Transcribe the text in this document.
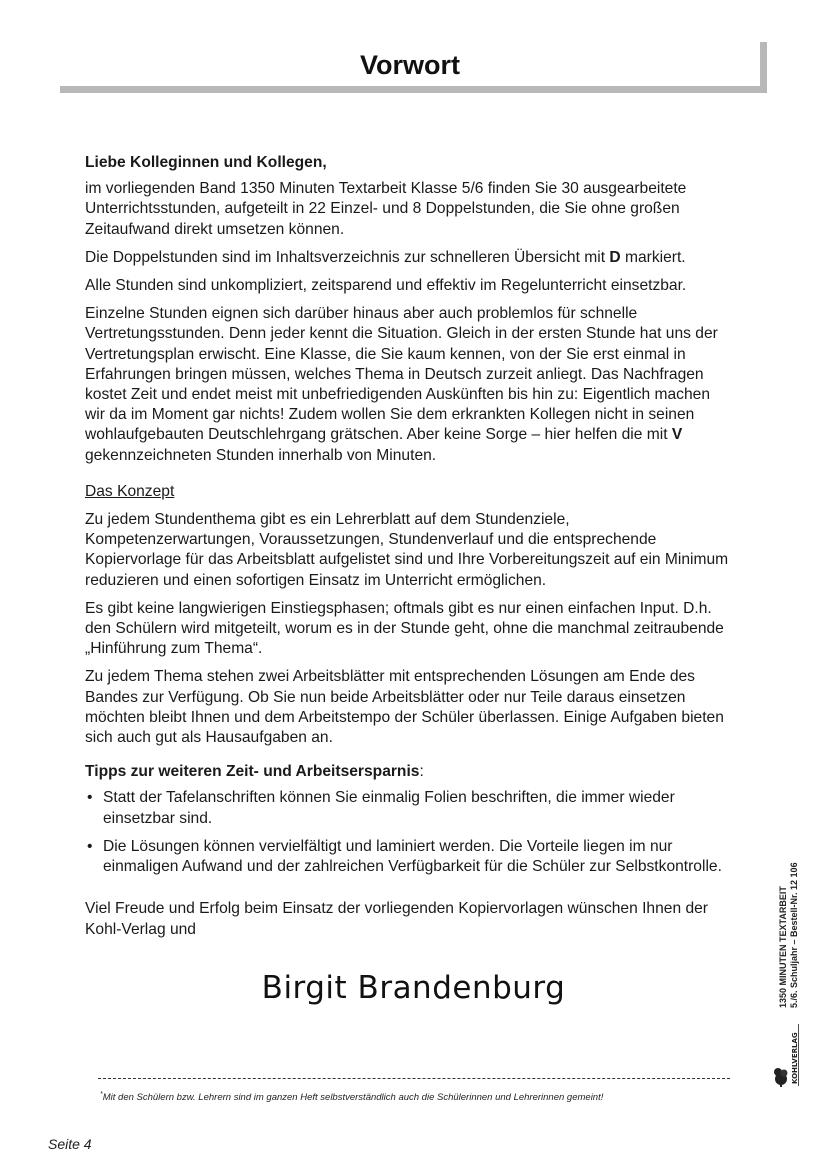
Vorwort

Liebe Kolleginnen und Kollegen,

im vorliegenden Band 1350 Minuten Textarbeit Klasse 5/6 finden Sie 30 ausgearbeitete Unterrichtsstunden, aufgeteilt in 22 Einzel- und 8 Doppelstunden, die Sie ohne großen Zeitaufwand direkt umsetzen können.

Die Doppelstunden sind im Inhaltsverzeichnis zur schnelleren Übersicht mit D markiert.

Alle Stunden sind unkompliziert, zeitsparend und effektiv im Regelunterricht einsetzbar.

Einzelne Stunden eignen sich darüber hinaus aber auch problemlos für schnelle Vertretungsstunden. Denn jeder kennt die Situation. Gleich in der ersten Stunde hat uns der Vertretungsplan erwischt. Eine Klasse, die Sie kaum kennen, von der Sie erst einmal in Erfahrungen bringen müssen, welches Thema in Deutsch zurzeit anliegt. Das Nachfragen kostet Zeit und endet meist mit unbefriedigenden Auskünften bis hin zu: Eigentlich machen wir da im Moment gar nichts! Zudem wollen Sie dem erkrankten Kollegen nicht in seinen wohlaufgebauten Deutschlehrgang grätschen. Aber keine Sorge – hier helfen die mit V gekennzeichneten Stunden innerhalb von Minuten.

Das Konzept

Zu jedem Stundenthema gibt es ein Lehrerblatt auf dem Stundenziele, Kompetenzerwartungen, Voraussetzungen, Stundenverlauf und die entsprechende Kopiervorlage für das Arbeitsblatt aufgelistet sind und Ihre Vorbereitungszeit auf ein Minimum reduzieren und einen sofortigen Einsatz im Unterricht ermöglichen.

Es gibt keine langwierigen Einstiegsphasen; oftmals gibt es nur einen einfachen Input. D.h. den Schülern wird mitgeteilt, worum es in der Stunde geht, ohne die manchmal zeitraubende „Hinführung zum Thema“.

Zu jedem Thema stehen zwei Arbeitsblätter mit entsprechenden Lösungen am Ende des Bandes zur Verfügung. Ob Sie nun beide Arbeitsblätter oder nur Teile daraus einsetzen möchten bleibt Ihnen und dem Arbeitstempo der Schüler überlassen. Einige Aufgaben bieten sich auch gut als Hausaufgaben an.

Tipps zur weiteren Zeit- und Arbeitsersparnis:

• Statt der Tafelanschriften können Sie einmalig Folien beschriften, die immer wieder einsetzbar sind.
• Die Lösungen können vervielfältigt und laminiert werden. Die Vorteile liegen im nur einmaligen Aufwand und der zahlreichen Verfügbarkeit für die Schüler zur Selbstkontrolle.

Viel Freude und Erfolg beim Einsatz der vorliegenden Kopiervorlagen wünschen Ihnen der Kohl-Verlag und

Birgit Brandenburg
*Mit den Schülern bzw. Lehrern sind im ganzen Heft selbstverständlich auch die Schülerinnen und Lehrerinnen gemeint!
Seite 4
1350 MINUTEN TEXTARBEIT 5./6. Schuljahr – Bestell-Nr. 12 106
KOHLVERLAG
